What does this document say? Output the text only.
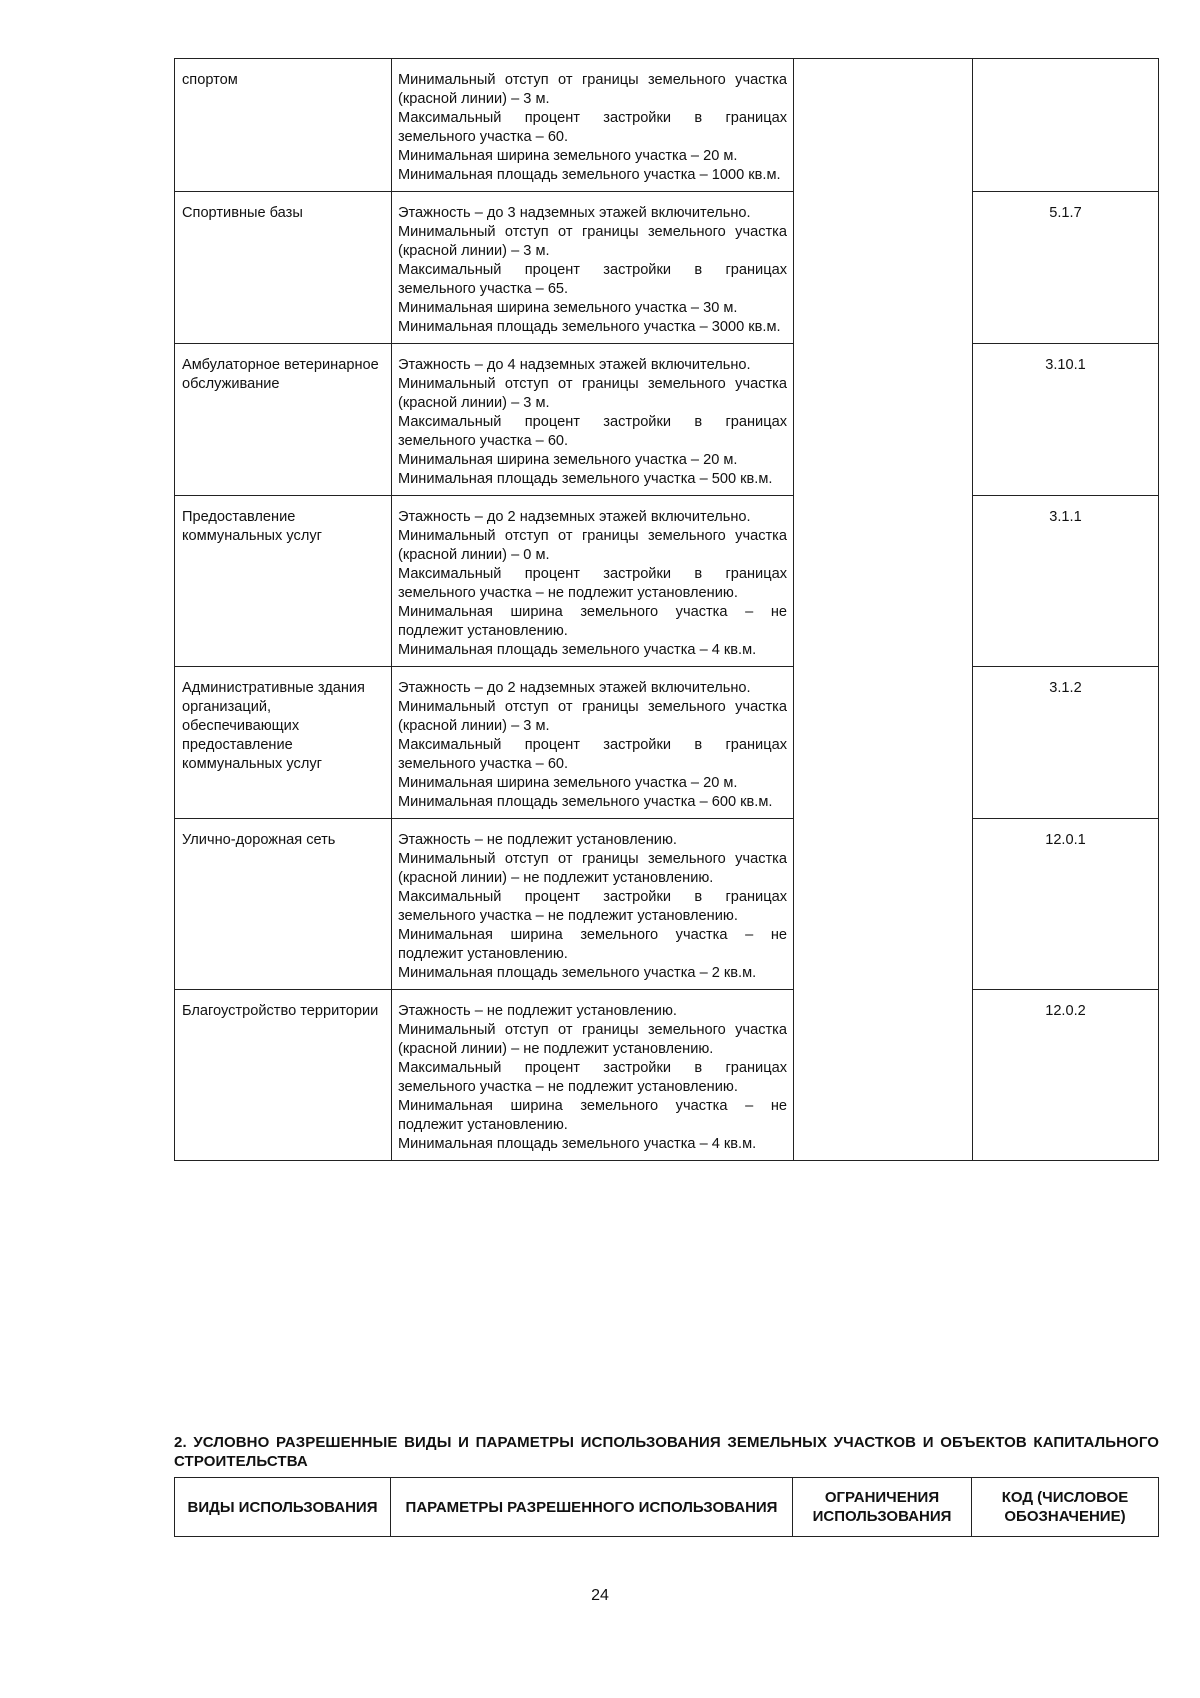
спортом	Минимальный отступ от границы земельного участка (красной линии) – 3 м.
Максимальный процент застройки в границах земельного участка – 60.
Минимальная ширина земельного участка – 20 м.
Минимальная площадь земельного участка – 1000 кв.м.		

Спортивные базы	Этажность – до 3 надземных этажей включительно.
Минимальный отступ от границы земельного участка (красной линии) – 3 м.
Максимальный процент застройки в границах земельного участка – 65.
Минимальная ширина земельного участка – 30 м.
Минимальная площадь земельного участка – 3000 кв.м.		5.1.7
Амбулаторное ветеринарное обслуживание	Этажность – до 4 надземных этажей включительно.
Минимальный отступ от границы земельного участка (красной линии) – 3 м.
Максимальный процент застройки в границах земельного участка – 60.
Минимальная ширина земельного участка – 20 м.
Минимальная площадь земельного участка – 500 кв.м.		3.10.1
Предоставление коммунальных услуг	Этажность – до 2 надземных этажей включительно.
Минимальный отступ от границы земельного участка (красной линии) – 0 м.
Максимальный процент застройки в границах земельного участка – не подлежит установлению.
Минимальная ширина земельного участка – не подлежит установлению.
Минимальная площадь земельного участка – 4 кв.м.		3.1.1
Административные здания организаций, обеспечивающих предоставление коммунальных услуг	Этажность – до 2 надземных этажей включительно.
Минимальный отступ от границы земельного участка (красной линии) – 3 м.
Максимальный процент застройки в границах земельного участка – 60.
Минимальная ширина земельного участка – 20 м.
Минимальная площадь земельного участка – 600 кв.м.		3.1.2
Улично-дорожная сеть	Этажность – не подлежит установлению.
Минимальный отступ от границы земельного участка (красной линии) – не подлежит установлению.
Максимальный процент застройки в границах земельного участка – не подлежит установлению.
Минимальная ширина земельного участка – не подлежит установлению.
Минимальная площадь земельного участка – 2 кв.м.		12.0.1
Благоустройство территории	Этажность – не подлежит установлению.
Минимальный отступ от границы земельного участка (красной линии) – не подлежит установлению.
Максимальный процент застройки в границах земельного участка – не подлежит установлению.
Минимальная ширина земельного участка – не подлежит установлению.
Минимальная площадь земельного участка – 4 кв.м.		12.0.2
2. УСЛОВНО РАЗРЕШЕННЫЕ ВИДЫ И ПАРАМЕТРЫ ИСПОЛЬЗОВАНИЯ ЗЕМЕЛЬНЫХ УЧАСТКОВ И ОБЪЕКТОВ КАПИТАЛЬНОГО СТРОИТЕЛЬСТВА
ВИДЫ ИСПОЛЬЗОВАНИЯ	ПАРАМЕТРЫ РАЗРЕШЕННОГО ИСПОЛЬЗОВАНИЯ	ОГРАНИЧЕНИЯ ИСПОЛЬЗОВАНИЯ	КОД (ЧИСЛОВОЕ ОБОЗНАЧЕНИЕ)
24
